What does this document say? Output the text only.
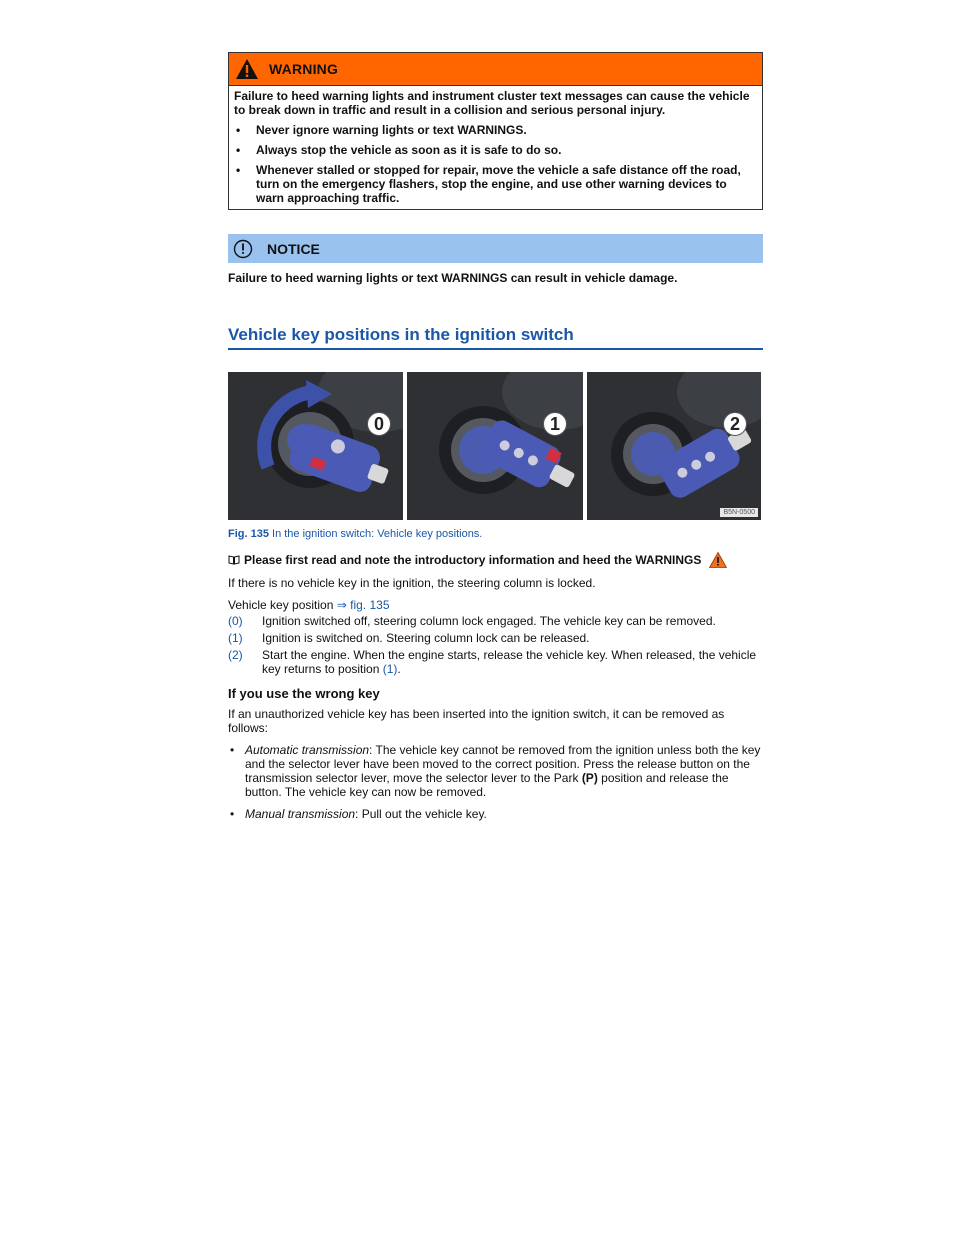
WARNING

Failure to heed warning lights and instrument cluster text messages can cause the vehicle to break down in traffic and result in a collision and serious personal injury.

• Never ignore warning lights or text WARNINGS.
• Always stop the vehicle as soon as it is safe to do so.
• Whenever stalled or stopped for repair, move the vehicle a safe distance off the road, turn on the emergency flashers, stop the engine, and use other warning devices to warn approaching traffic.
NOTICE
Failure to heed warning lights or text WARNINGS can result in vehicle damage.
Vehicle key positions in the ignition switch
0	1	2
B5N-0500
Fig. 135 In the ignition switch: Vehicle key positions.
Please first read and note the introductory information and heed the WARNINGS
If there is no vehicle key in the ignition, the steering column is locked.
Vehicle key position ⇒ fig. 135
(0)	Ignition switched off, steering column lock engaged. The vehicle key can be removed.
(1)	Ignition is switched on. Steering column lock can be released.
(2)	Start the engine. When the engine starts, release the vehicle key. When released, the vehicle key returns to position (1).
If you use the wrong key
If an unauthorized vehicle key has been inserted into the ignition switch, it can be removed as follows:
• Automatic transmission: The vehicle key cannot be removed from the ignition unless both the key and the selector lever have been moved to the correct position. Press the release button on the transmission selector lever, move the selector lever to the Park (P) position and release the button. The vehicle key can now be removed.
• Manual transmission: Pull out the vehicle key.
